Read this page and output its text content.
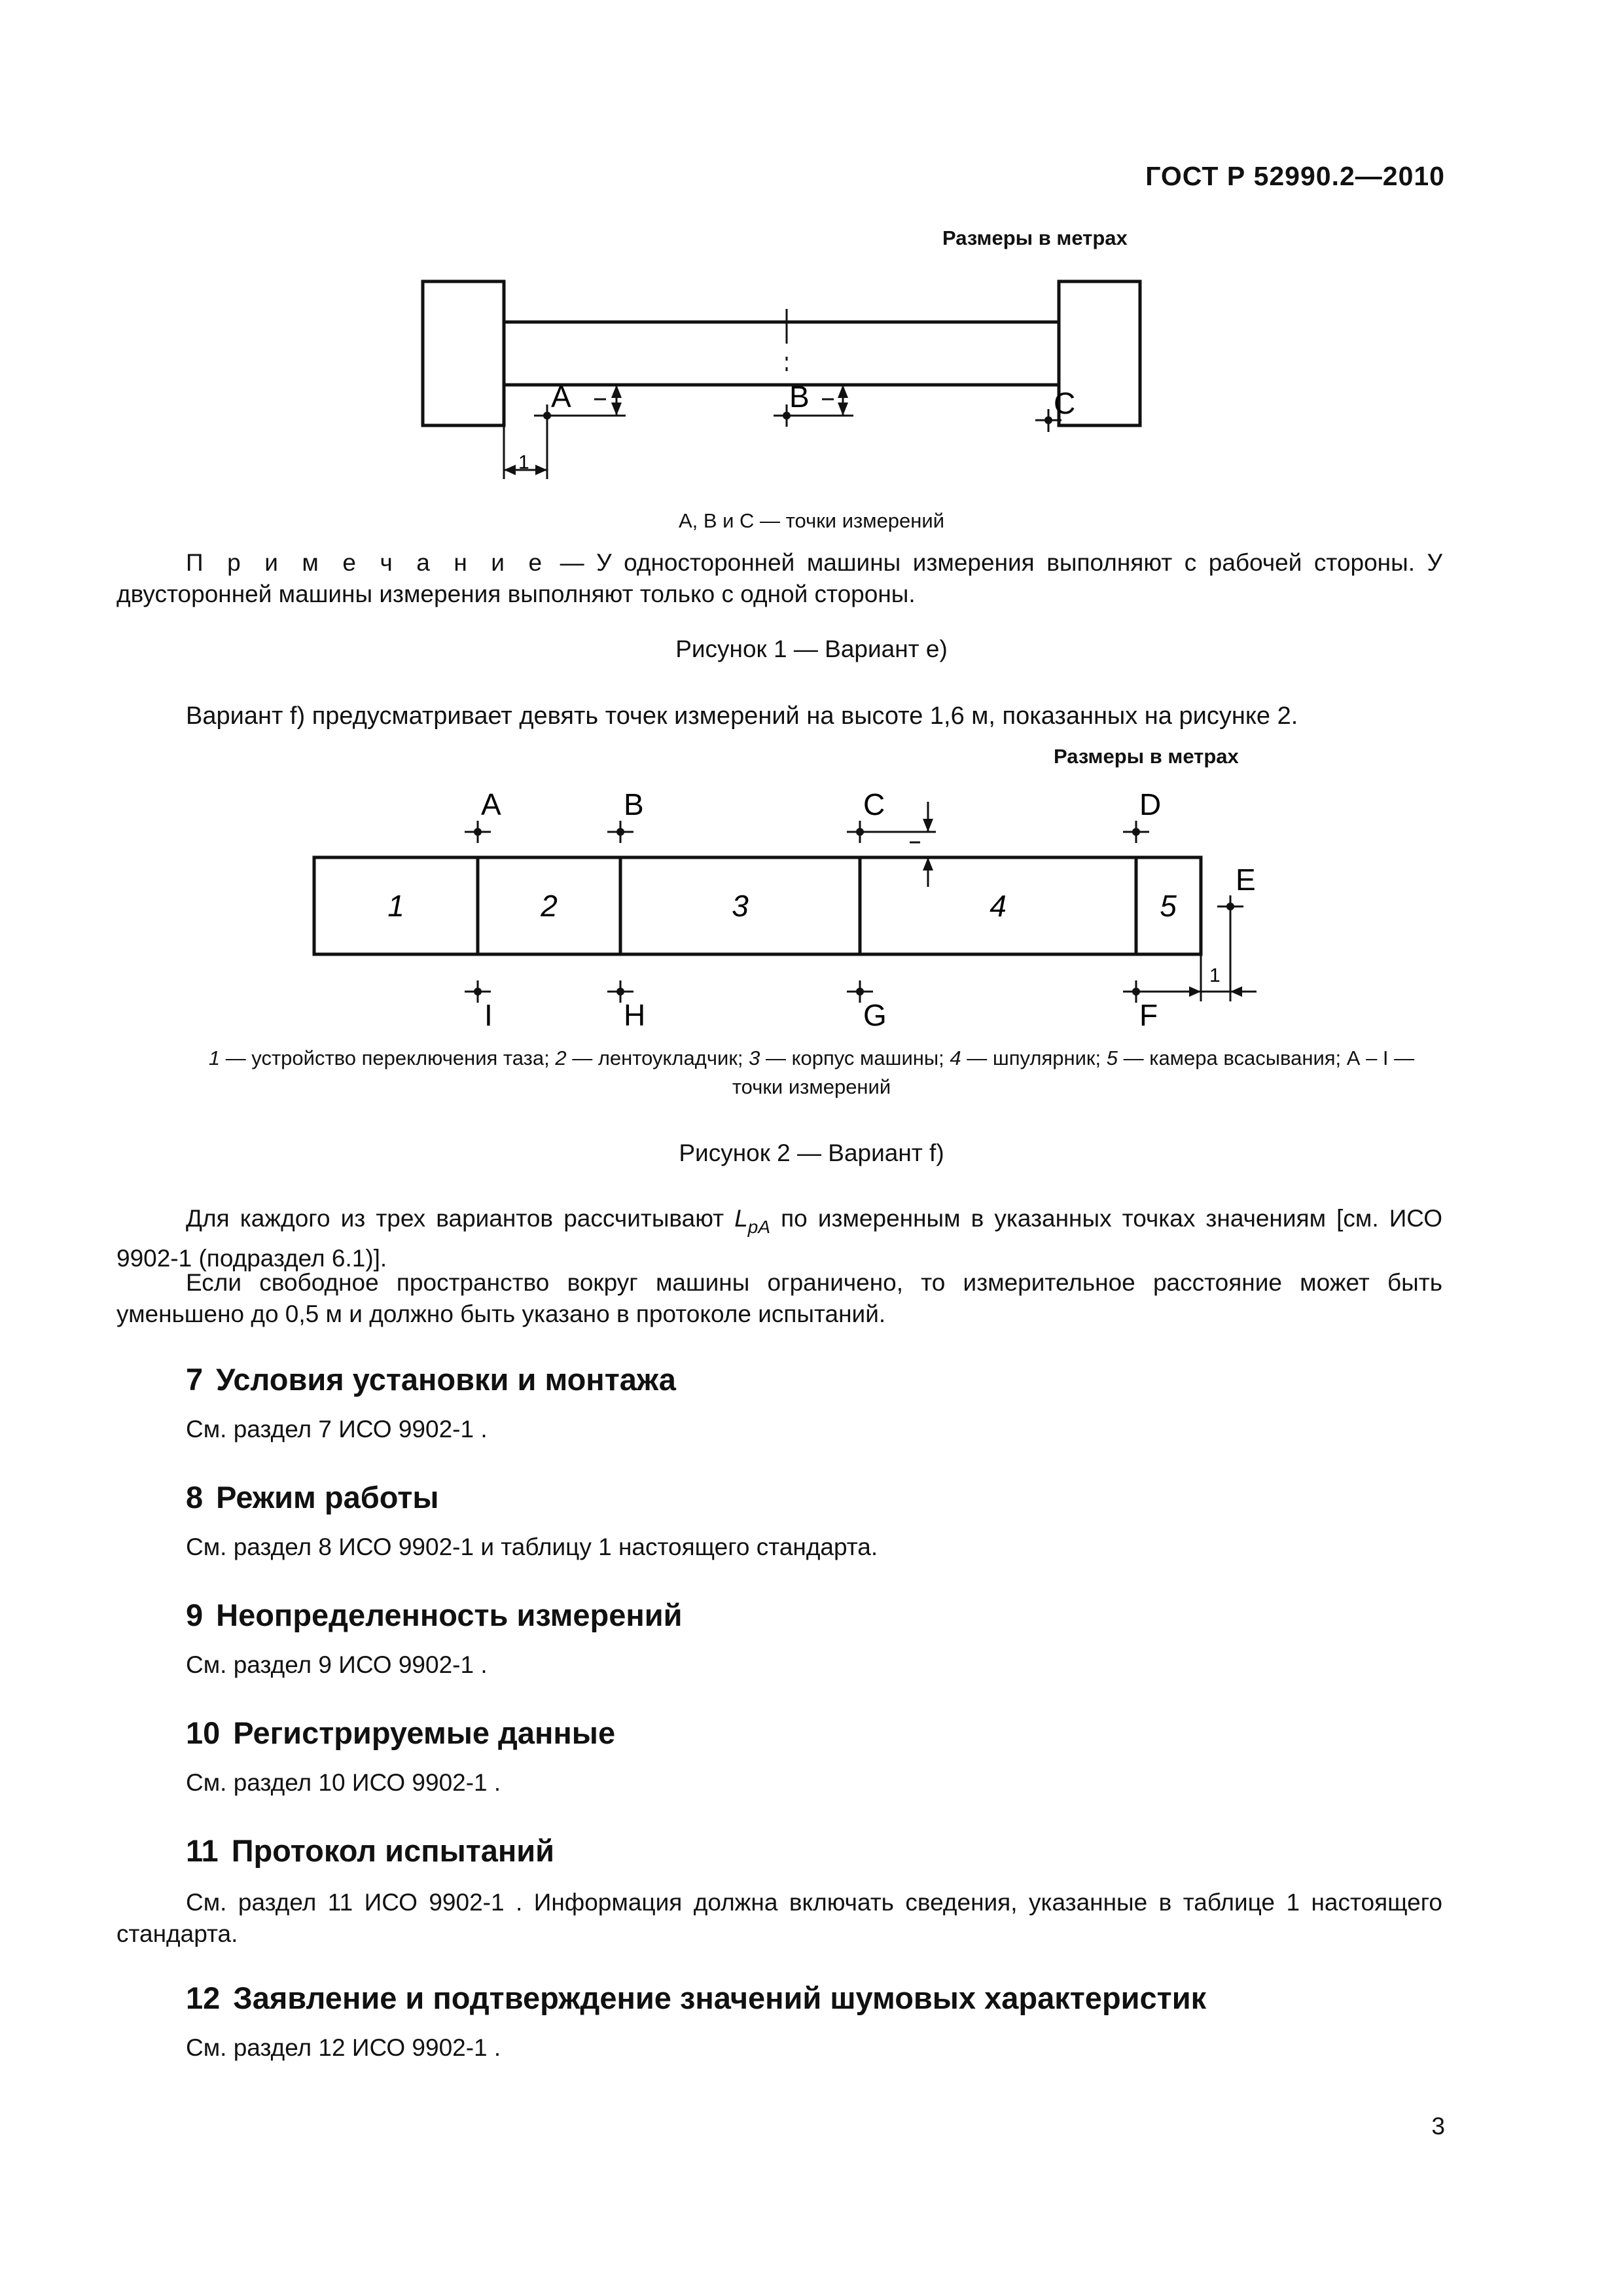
ГОСТ Р 52990.2—2010
Размеры в метрах
A	B	C
1
A, B и C — точки измерений
П р и м е ч а н и е — У односторонней машины измерения выполняют с рабочей стороны. У двусторонней машины измерения выполняют только с одной стороны.
Рисунок 1 — Вариант e)
Вариант f) предусматривает девять точек измерений на высоте 1,6 м, показанных на рисунке 2.
Размеры в метрах
1	2	3	4	5
A	B	C	D
E
I	H	G	F
1
1 — устройство переключения таза; 2 — лентоукладчик; 3 — корпус машины; 4 — шпулярник; 5 — камера всасывания; А – I —
точки измерений
Рисунок 2 — Вариант f)
Для каждого из трех вариантов рассчитывают $L_{pA}$ по измеренным в указанных точках значениям [см. ИСО 9902-1 (подраздел 6.1)].
Если свободное пространство вокруг машины ограничено, то измерительное расстояние может быть уменьшено до 0,5 м и должно быть указано в протоколе испытаний.
7 Условия установки и монтажа
См. раздел 7 ИСО 9902-1 .
8 Режим работы
См. раздел 8 ИСО 9902-1 и таблицу 1 настоящего стандарта.
9 Неопределенность измерений
См. раздел 9 ИСО 9902-1 .
10 Регистрируемые данные
См. раздел 10 ИСО 9902-1 .
11 Протокол испытаний
См. раздел 11 ИСО 9902-1 . Информация должна включать сведения, указанные в таблице 1 настоящего стандарта.
12 Заявление и подтверждение значений шумовых характеристик
См. раздел 12 ИСО 9902-1 .
3
